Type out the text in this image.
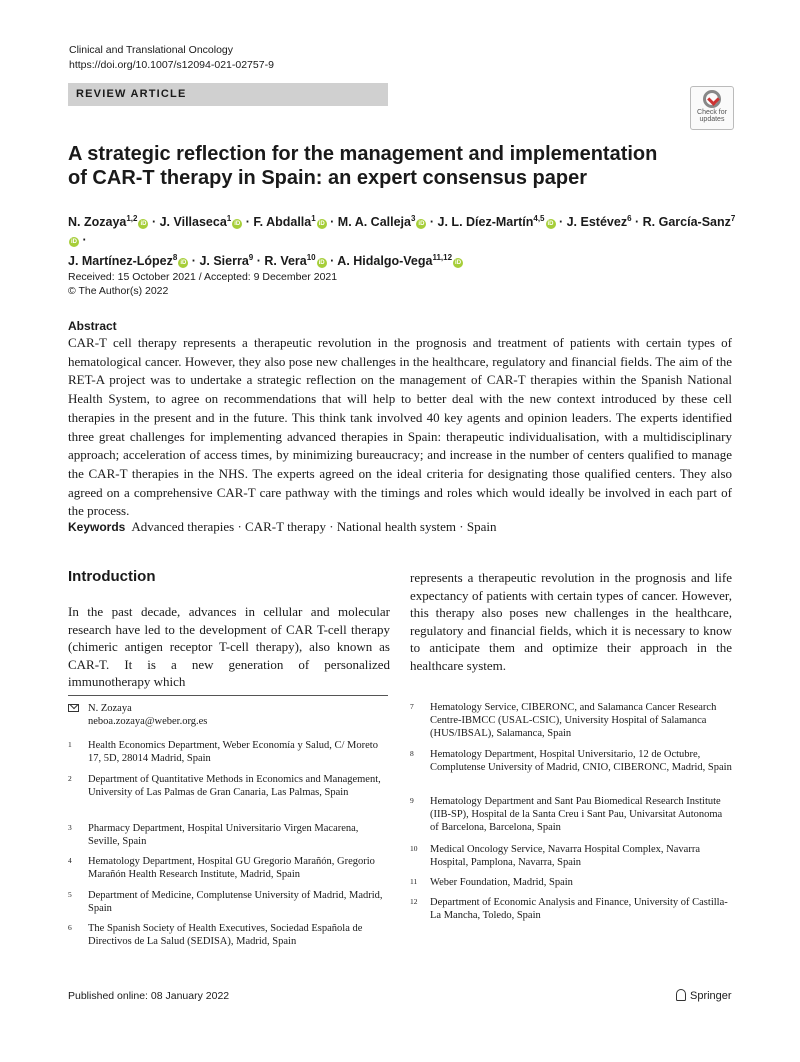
Clinical and Translational Oncology
https://doi.org/10.1007/s12094-021-02757-9
REVIEW ARTICLE
Check for
updates
A strategic reflection for the management and implementation
of CAR-T therapy in Spain: an expert consensus paper
N. Zozaya$^{1,2}$iD · J. Villaseca$^1$iD · F. Abdalla$^1$iD · M. A. Calleja$^3$iD · J. L. Díez-Martín$^{4,5}$iD · J. Estévez$^6$ · R. García-Sanz$^7$iD ·
J. Martínez-López$^8$iD · J. Sierra$^9$ · R. Vera$^{10}$iD · A. Hidalgo-Vega$^{11,12}$iD
Received: 15 October 2021 / Accepted: 9 December 2021
© The Author(s) 2022
Abstract
CAR-T cell therapy represents a therapeutic revolution in the prognosis and treatment of patients with certain types of hematological cancer. However, they also pose new challenges in the healthcare, regulatory and financial fields. The aim of the RET-A project was to undertake a strategic reflection on the management of CAR-T therapies within the Spanish National Health System, to agree on recommendations that will help to better deal with the new context introduced by these cell therapies in the present and in the future. This think tank involved 40 key agents and opinion leaders. The experts identified three great challenges for implementing advanced therapies in Spain: therapeutic individualisation, with a multidisciplinary approach; acceleration of access times, by minimizing bureaucracy; and increase in the number of centers qualified to manage the CAR-T therapies in the NHS. The experts agreed on the ideal criteria for designating those qualified centers. They also agreed on a comprehensive CAR-T care pathway with the timings and roles which would ideally be involved in each part of the process.
Keywords Advanced therapies · CAR-T therapy · National health system · Spain
Introduction
In the past decade, advances in cellular and molecular research have led to the development of CAR T-cell therapy (chimeric antigen receptor T-cell therapy), also known as CAR-T. It is a new generation of personalized immunotherapy which
represents a therapeutic revolution in the prognosis and life expectancy of patients with certain types of cancer. However, this therapy also poses new challenges in the healthcare, regulatory and financial fields, which it is necessary to know to anticipate them and optimize their approach in the healthcare system.
N. Zozaya
neboa.zozaya@weber.org.es
1 Health Economics Department, Weber Economía y Salud, C/ Moreto 17, 5D, 28014 Madrid, Spain
2 Department of Quantitative Methods in Economics and Management, University of Las Palmas de Gran Canaria, Las Palmas, Spain
3 Pharmacy Department, Hospital Universitario Virgen Macarena, Seville, Spain
4 Hematology Department, Hospital GU Gregorio Marañón, Gregorio Marañón Health Research Institute, Madrid, Spain
5 Department of Medicine, Complutense University of Madrid, Madrid, Spain
6 The Spanish Society of Health Executives, Sociedad Española de Directivos de La Salud (SEDISA), Madrid, Spain
7 Hematology Service, CIBERONC, and Salamanca Cancer Research Centre-IBMCC (USAL-CSIC), University Hospital of Salamanca (HUS/IBSAL), Salamanca, Spain
8 Hematology Department, Hospital Universitario, 12 de Octubre, Complutense University of Madrid, CNIO, CIBERONC, Madrid, Spain
9 Hematology Department and Sant Pau Biomedical Research Institute (IIB-SP), Hospital de la Santa Creu i Sant Pau, Univarsitat Autonoma of Barcelona, Barcelona, Spain
10 Medical Oncology Service, Navarra Hospital Complex, Navarra Hospital, Pamplona, Navarra, Spain
11 Weber Foundation, Madrid, Spain
12 Department of Economic Analysis and Finance, University of Castilla-La Mancha, Toledo, Spain
Published online: 08 January 2022	Springer
